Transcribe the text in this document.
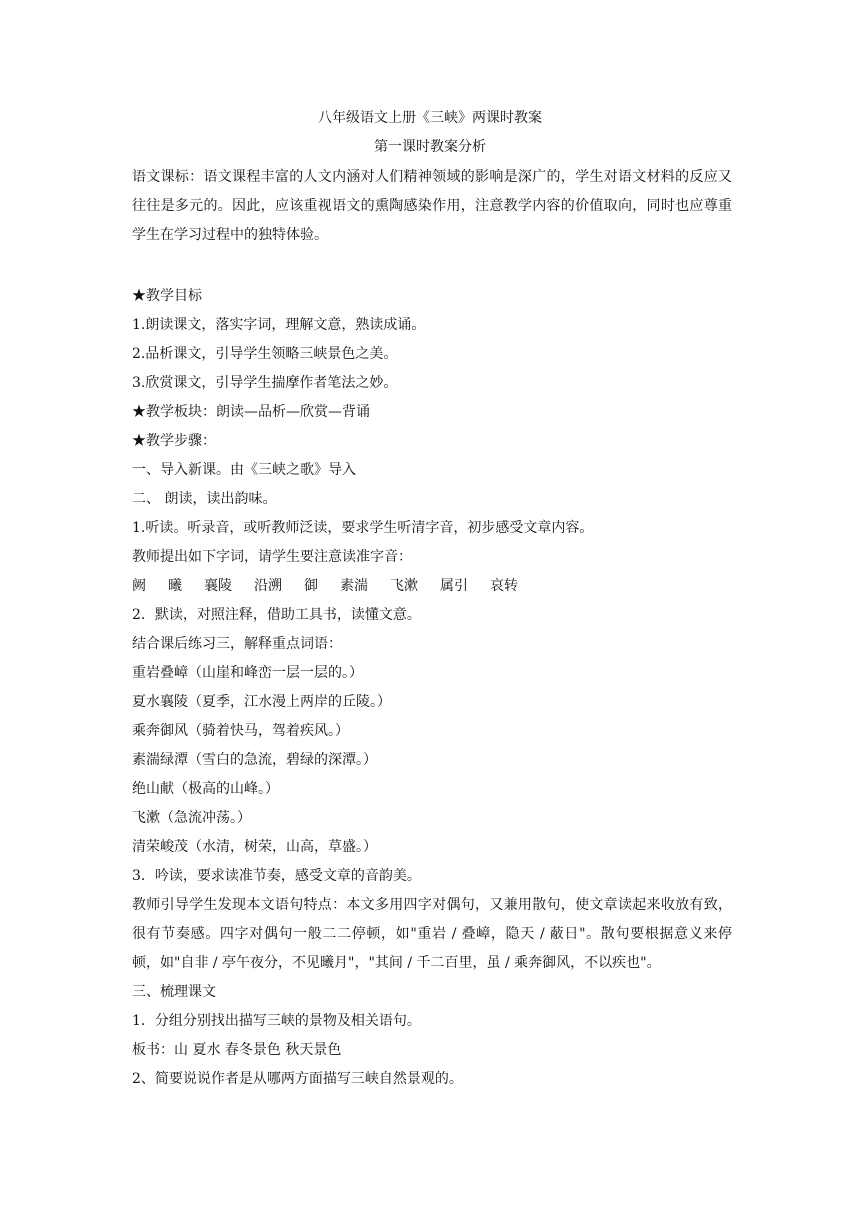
八年级语文上册《三峡》两课时教案
第一课时教案分析
语文课标：语文课程丰富的人文内涵对人们精神领域的影响是深广的，学生对语文材料的反应又往往是多元的。因此，应该重视语文的熏陶感染作用，注意教学内容的价值取向，同时也应尊重学生在学习过程中的独特体验。
★教学目标
1.朗读课文，落实字词，理解文意，熟读成诵。
2.品析课文，引导学生领略三峡景色之美。
3.欣赏课文，引导学生揣摩作者笔法之妙。
★教学板块：朗读—品析—欣赏—背诵
★教学步骤：
一、导入新课。由《三峡之歌》导入
二、 朗读，读出韵味。
1.听读。听录音，或听教师泛读，要求学生听清字音，初步感受文章内容。
教师提出如下字词，请学生要注意读准字音：
阙 曦 襄陵 沿溯 御 素湍 飞漱 属引 哀转
2．默读，对照注释，借助工具书，读懂文意。
结合课后练习三，解释重点词语：
重岩叠嶂（山崖和峰峦一层一层的。）
夏水襄陵（夏季，江水漫上两岸的丘陵。）
乘奔御风（骑着快马，驾着疾风。）
素湍绿潭（雪白的急流，碧绿的深潭。）
绝山献（极高的山峰。）
飞漱（急流冲荡。）
清荣峻茂（水清，树荣，山高，草盛。）
3．吟读，要求读准节奏，感受文章的音韵美。
教师引导学生发现本文语句特点：本文多用四字对偶句，又兼用散句，使文章读起来收放有致，很有节奏感。四字对偶句一般二二停顿，如"重岩 / 叠嶂，隐天 / 蔽日"。散句要根据意义来停顿，如"自非 / 亭午夜分，不见曦月"，"其间 / 千二百里，虽 / 乘奔御风，不以疾也"。
三、梳理课文
1．分组分别找出描写三峡的景物及相关语句。
板书：山 夏水 春冬景色 秋天景色
2、简要说说作者是从哪两方面描写三峡自然景观的。
